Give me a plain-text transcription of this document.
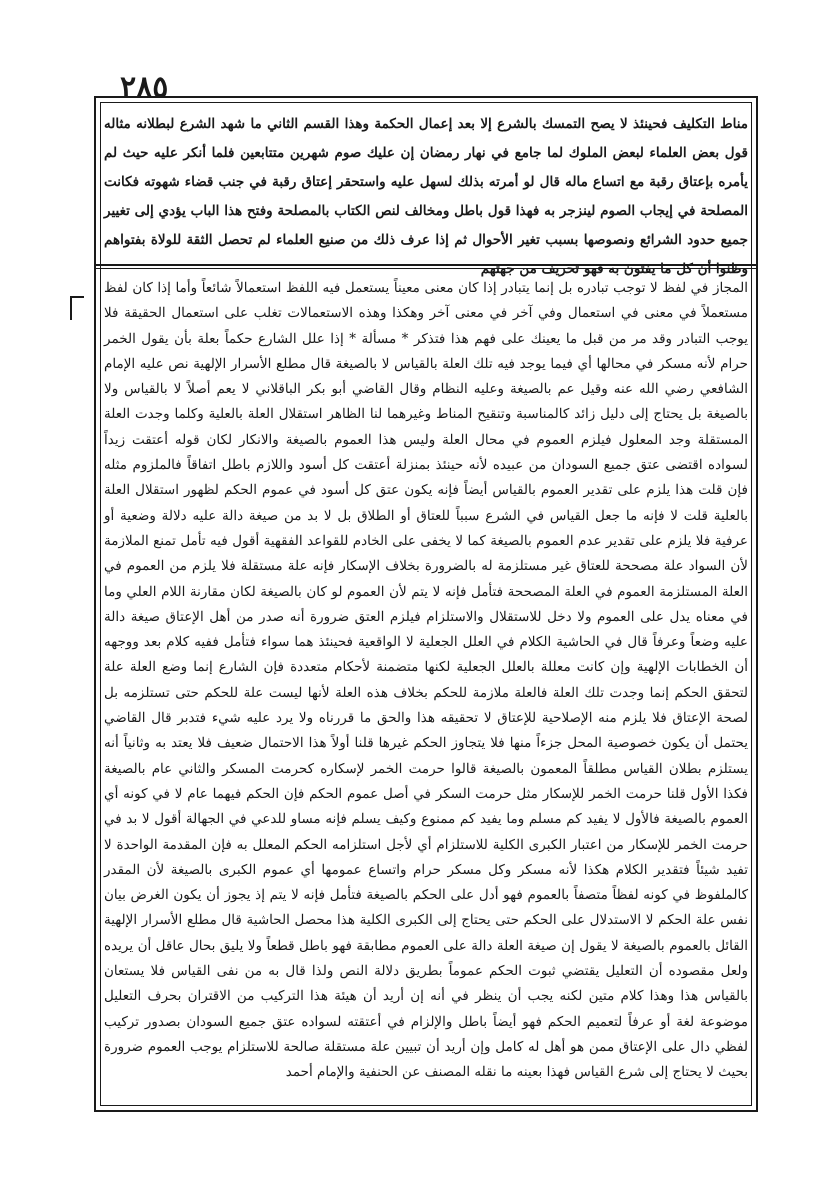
٢٨٥

مناط التكليف فحينئذ لا يصح التمسك بالشرع إلا بعد إعمال الحكمة وهذا القسم الثاني ما شهد الشرع لبطلانه مثاله قول بعض العلماء لبعض الملوك لما جامع في نهار رمضان إن عليك صوم شهرين متتابعين فلما أنكر عليه حيث لم يأمره بإعتاق رقبة مع اتساع ماله قال لو أمرته بذلك لسهل عليه واستحقر إعتاق رقبة في جنب قضاء شهوته فكانت المصلحة في إيجاب الصوم لينزجر به فهذا قول باطل ومخالف لنص الكتاب بالمصلحة وفتح هذا الباب يؤدي إلى تغيير جميع حدود الشرائع ونصوصها بسبب تغير الأحوال ثم إذا عرف ذلك من صنيع العلماء لم تحصل الثقة للولاة بفتواهم وظنوا أن كل ما يفتون به فهو تحريف من جهتهم

المجاز في لفظ لا توجب تبادره بل إنما يتبادر إذا كان معنى معيناً يستعمل فيه اللفظ استعمالاً شائعاً وأما إذا كان لفظ مستعملاً في معنى في استعمال وفي آخر في معنى آخر وهكذا وهذه الاستعمالات تغلب على استعمال الحقيقة فلا يوجب التبادر وقد مر من قبل ما يعينك على فهم هذا فتذكر * مسألة * إذا علل الشارع حكماً بعلة بأن يقول الخمر حرام لأنه مسكر في محالها أي فيما يوجد فيه تلك العلة بالقياس لا بالصيغة قال مطلع الأسرار الإلهية نص عليه الإمام الشافعي رضي الله عنه وقيل عم بالصيغة وعليه النظام وقال القاضي أبو بكر الباقلاني لا يعم أصلاً لا بالقياس ولا بالصيغة بل يحتاج إلى دليل زائد كالمناسبة وتنقيح المناط وغيرهما لنا الظاهر استقلال العلة بالعلية وكلما وجدت العلة المستقلة وجد المعلول فيلزم العموم في محال العلة وليس هذا العموم بالصيغة والانكار لكان قوله أعتقت زيداً لسواده اقتضى عتق جميع السودان من عبيده لأنه حينئذ بمنزلة أعتقت كل أسود واللازم باطل اتفاقاً فالملزوم مثله فإن قلت هذا يلزم على تقدير العموم بالقياس أيضاً فإنه يكون عتق كل أسود في عموم الحكم لظهور استقلال العلة بالعلية قلت لا فإنه ما جعل القياس في الشرع سبباً للعتاق أو الطلاق بل لا بد من صيغة دالة عليه دلالة وضعية أو عرفية فلا يلزم على تقدير عدم العموم بالصيغة كما لا يخفى على الخادم للقواعد الفقهية أقول فيه تأمل تمنع الملازمة لأن السواد علة مصححة للعتاق غير مستلزمة له بالضرورة بخلاف الإسكار فإنه علة مستقلة فلا يلزم من العموم في العلة المستلزمة العموم في العلة المصححة فتأمل فإنه لا يتم لأن العموم لو كان بالصيغة لكان مقارنة اللام العلي وما في معناه يدل على العموم ولا دخل للاستقلال والاستلزام فيلزم العتق ضرورة أنه صدر من أهل الإعتاق صيغة دالة عليه وضعاً وعرفاً قال في الحاشية الكلام في العلل الجعلية لا الواقعية فحينئذ هما سواء فتأمل ففيه كلام بعد ووجهه أن الخطابات الإلهية وإن كانت معللة بالعلل الجعلية لكنها متضمنة لأحكام متعددة فإن الشارع إنما وضع العلة علة لتحقق الحكم إنما وجدت تلك العلة فالعلة ملازمة للحكم بخلاف هذه العلة لأنها ليست علة للحكم حتى تستلزمه بل لصحة الإعتاق فلا يلزم منه الإصلاحية للإعتاق لا تحقيقه هذا والحق ما قررناه ولا يرد عليه شيء فتدبر قال القاضي يحتمل أن يكون خصوصية المحل جزءاً منها فلا يتجاوز الحكم غيرها قلنا أولاً هذا الاحتمال ضعيف فلا يعتد به وثانياً أنه يستلزم بطلان القياس مطلقاً المعمون بالصيغة قالوا حرمت الخمر لإسكاره كحرمت المسكر والثاني عام بالصيغة فكذا الأول قلنا حرمت الخمر للإسكار مثل حرمت السكر في أصل عموم الحكم فإن الحكم فيهما عام لا في كونه أي العموم بالصيغة فالأول لا يفيد كم مسلم وما يفيد كم ممنوع وكيف يسلم فإنه مساو للدعي في الجهالة أقول لا بد في حرمت الخمر للإسكار من اعتبار الكبرى الكلية للاستلزام أي لأجل استلزامه الحكم المعلل به فإن المقدمة الواحدة لا تفيد شيئاً فتقدير الكلام هكذا لأنه مسكر وكل مسكر حرام واتساع عمومها أي عموم الكبرى بالصيغة لأن المقدر كالملفوظ في كونه لفظاً متصفاً بالعموم فهو أدل على الحكم بالصيغة فتأمل فإنه لا يتم إذ يجوز أن يكون الغرض بيان نفس علة الحكم لا الاستدلال على الحكم حتى يحتاج إلى الكبرى الكلية هذا محصل الحاشية قال مطلع الأسرار الإلهية القائل بالعموم بالصيغة لا يقول إن صيغة العلة دالة على العموم مطابقة فهو باطل قطعاً ولا يليق بحال عاقل أن يريده ولعل مقصوده أن التعليل يقتضي ثبوت الحكم عموماً بطريق دلالة النص ولذا قال به من نفى القياس فلا يستعان بالقياس هذا وهذا كلام متين لكنه يجب أن ينظر في أنه إن أريد أن هيئة هذا التركيب من الاقتران بحرف التعليل موضوعة لغة أو عرفاً لتعميم الحكم فهو أيضاً باطل والإلزام في أعتقته لسواده عتق جميع السودان بصدور تركيب لفظي دال على الإعتاق ممن هو أهل له كامل وإن أريد أن تبيين علة مستقلة صالحة للاستلزام يوجب العموم ضرورة بحيث لا يحتاج إلى شرع القياس فهذا بعينه ما نقله المصنف عن الحنفية والإمام أحمد
